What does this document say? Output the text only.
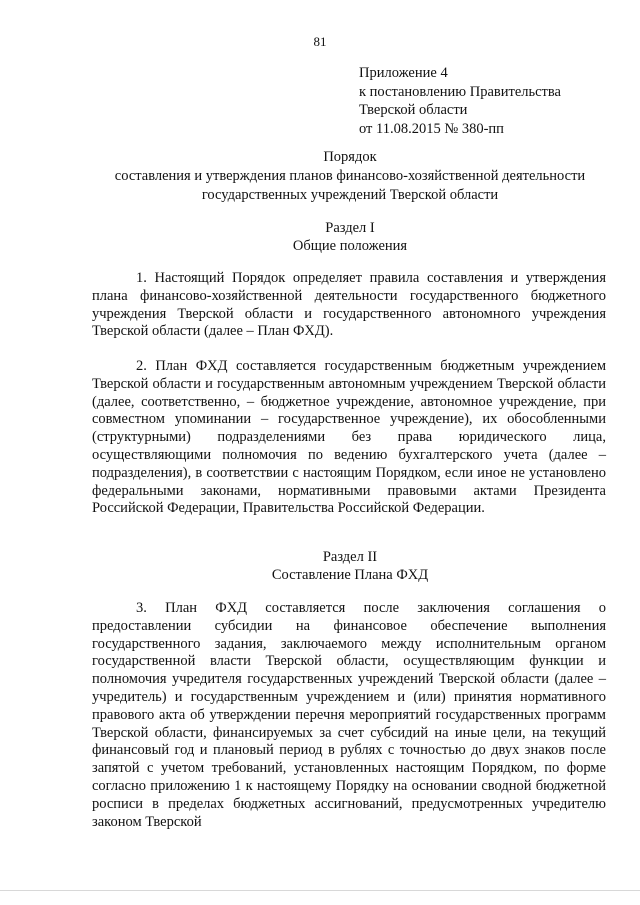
81
Приложение 4
к постановлению Правительства
Тверской области
от 11.08.2015 № 380-пп
Порядок
составления и утверждения планов финансово-хозяйственной деятельности
государственных учреждений Тверской области
Раздел I
Общие положения

1. Настоящий Порядок определяет правила составления и утверждения плана финансово-хозяйственной деятельности государственного бюджетного учреждения Тверской области и государственного автономного учреждения Тверской области (далее – План ФХД).

2. План ФХД составляется государственным бюджетным учреждением Тверской области и государственным автономным учреждением Тверской области (далее, соответственно, – бюджетное учреждение, автономное учреждение, при совместном упоминании – государственное учреждение), их обособленными (структурными) подразделениями без права юридического лица, осуществляющими полномочия по ведению бухгалтерского учета (далее – подразделения), в соответствии с настоящим Порядком, если иное не установлено федеральными законами, нормативными правовыми актами Президента Российской Федерации, Правительства Российской Федерации.

Раздел II
Составление Плана ФХД

3. План ФХД составляется после заключения соглашения о предоставлении субсидии на финансовое обеспечение выполнения государственного задания, заключаемого между исполнительным органом государственной власти Тверской области, осуществляющим функции и полномочия учредителя государственных учреждений Тверской области (далее – учредитель) и государственным учреждением и (или) принятия нормативного правового акта об утверждении перечня мероприятий государственных программ Тверской области, финансируемых за счет субсидий на иные цели, на текущий финансовый год и плановый период в рублях с точностью до двух знаков после запятой с учетом требований, установленных настоящим Порядком, по форме согласно приложению 1 к настоящему Порядку на основании сводной бюджетной росписи в пределах бюджетных ассигнований, предусмотренных учредителю законом Тверской
